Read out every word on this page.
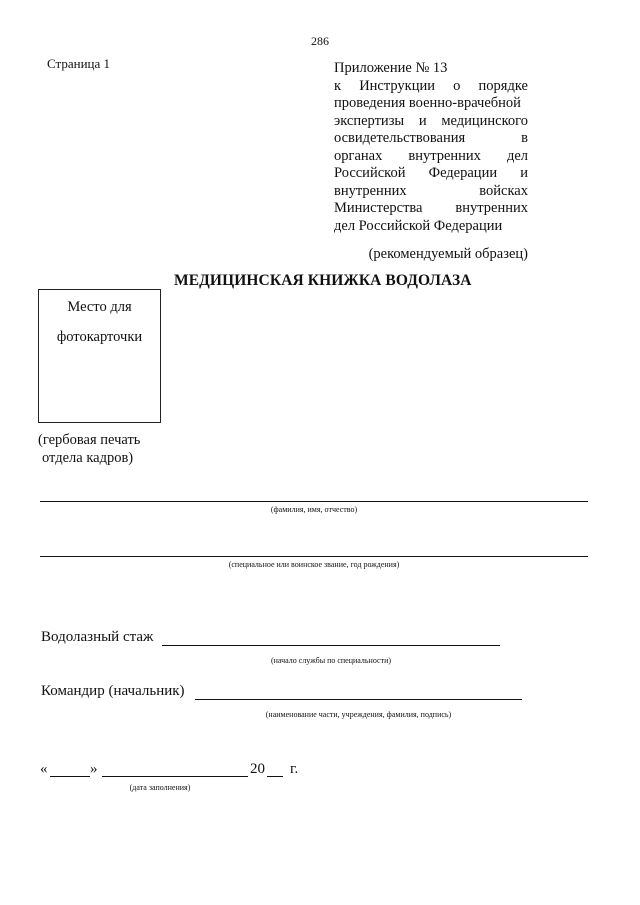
286
Страница 1	Приложение № 13
к Инструкции о порядке
проведения военно-врачебной
экспертизы и медицинского
освидетельствования	в
органах внутренних дел
Российской Федерации и
внутренних	войсках
Министерства внутренних
дел Российской Федерации
(рекомендуемый образец)
МЕДИЦИНСКАЯ КНИЖКА ВОДОЛАЗА
Место для
фотокарточки
(гербовая печать
отдела кадров)
(фамилия, имя, отчество)
(специальное или воинское звание, год рождения)
Водолазный стаж
(начало службы по специальности)
Командир (начальник)
(наименование части, учреждения, фамилия, подпись)
«	»	20 г.
(дата заполнения)
